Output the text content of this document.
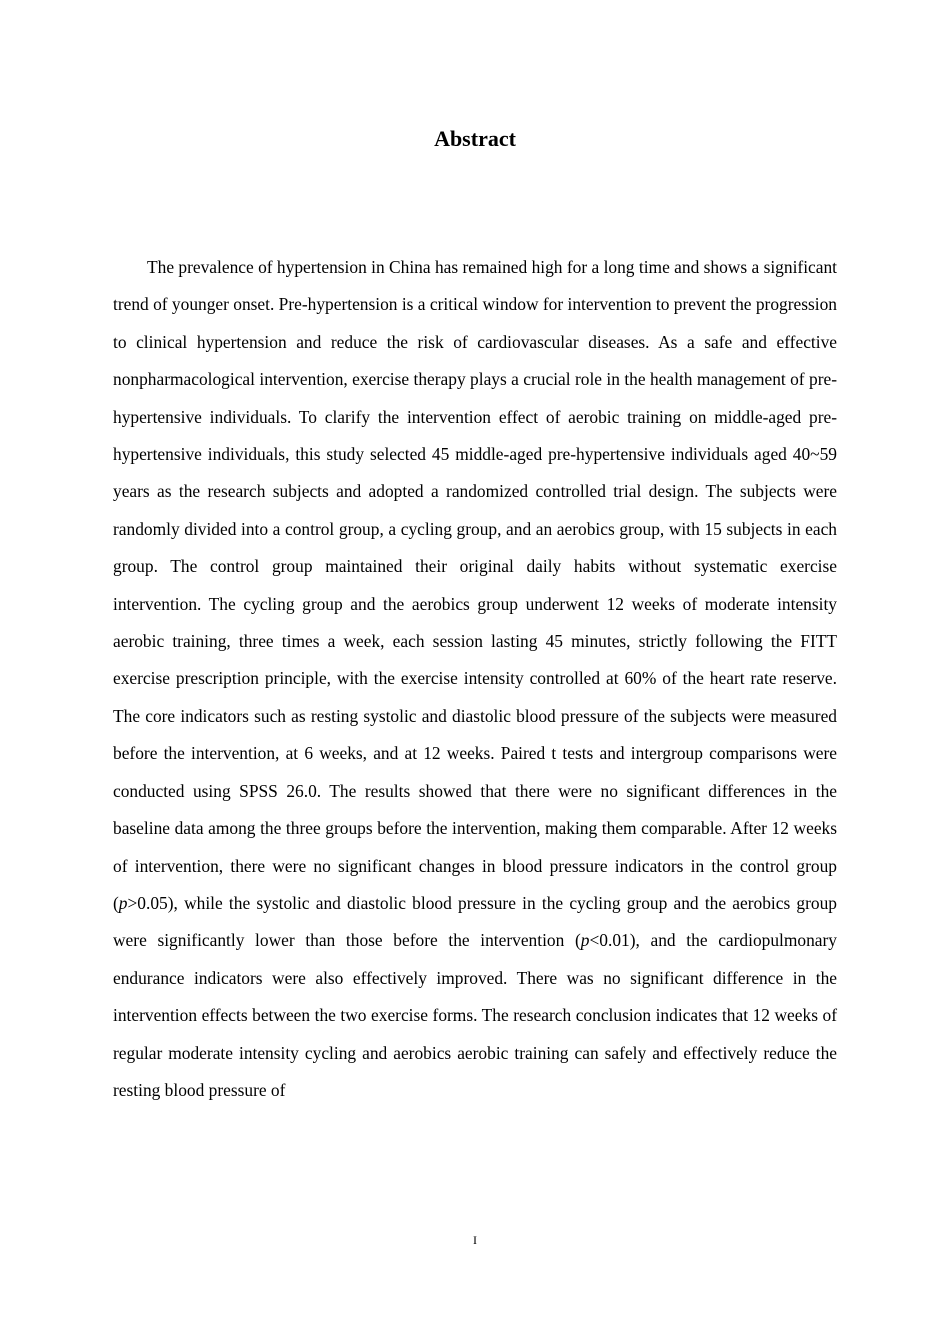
Abstract

The prevalence of hypertension in China has remained high for a long time and shows a significant trend of younger onset. Pre-hypertension is a critical window for intervention to prevent the progression to clinical hypertension and reduce the risk of cardiovascular diseases. As a safe and effective nonpharmacological intervention, exercise therapy plays a crucial role in the health management of pre-hypertensive individuals. To clarify the intervention effect of aerobic training on middle-aged pre-hypertensive individuals, this study selected 45 middle-aged pre-hypertensive individuals aged 40~59 years as the research subjects and adopted a randomized controlled trial design. The subjects were randomly divided into a control group, a cycling group, and an aerobics group, with 15 subjects in each group. The control group maintained their original daily habits without systematic exercise intervention. The cycling group and the aerobics group underwent 12 weeks of moderate intensity aerobic training, three times a week, each session lasting 45 minutes, strictly following the FITT exercise prescription principle, with the exercise intensity controlled at 60% of the heart rate reserve. The core indicators such as resting systolic and diastolic blood pressure of the subjects were measured before the intervention, at 6 weeks, and at 12 weeks. Paired t tests and intergroup comparisons were conducted using SPSS 26.0. The results showed that there were no significant differences in the baseline data among the three groups before the intervention, making them comparable. After 12 weeks of intervention, there were no significant changes in blood pressure indicators in the control group (p>0.05), while the systolic and diastolic blood pressure in the cycling group and the aerobics group were significantly lower than those before the intervention (p<0.01), and the cardiopulmonary endurance indicators were also effectively improved. There was no significant difference in the intervention effects between the two exercise forms. The research conclusion indicates that 12 weeks of regular moderate intensity cycling and aerobics aerobic training can safely and effectively reduce the resting blood pressure of

I
